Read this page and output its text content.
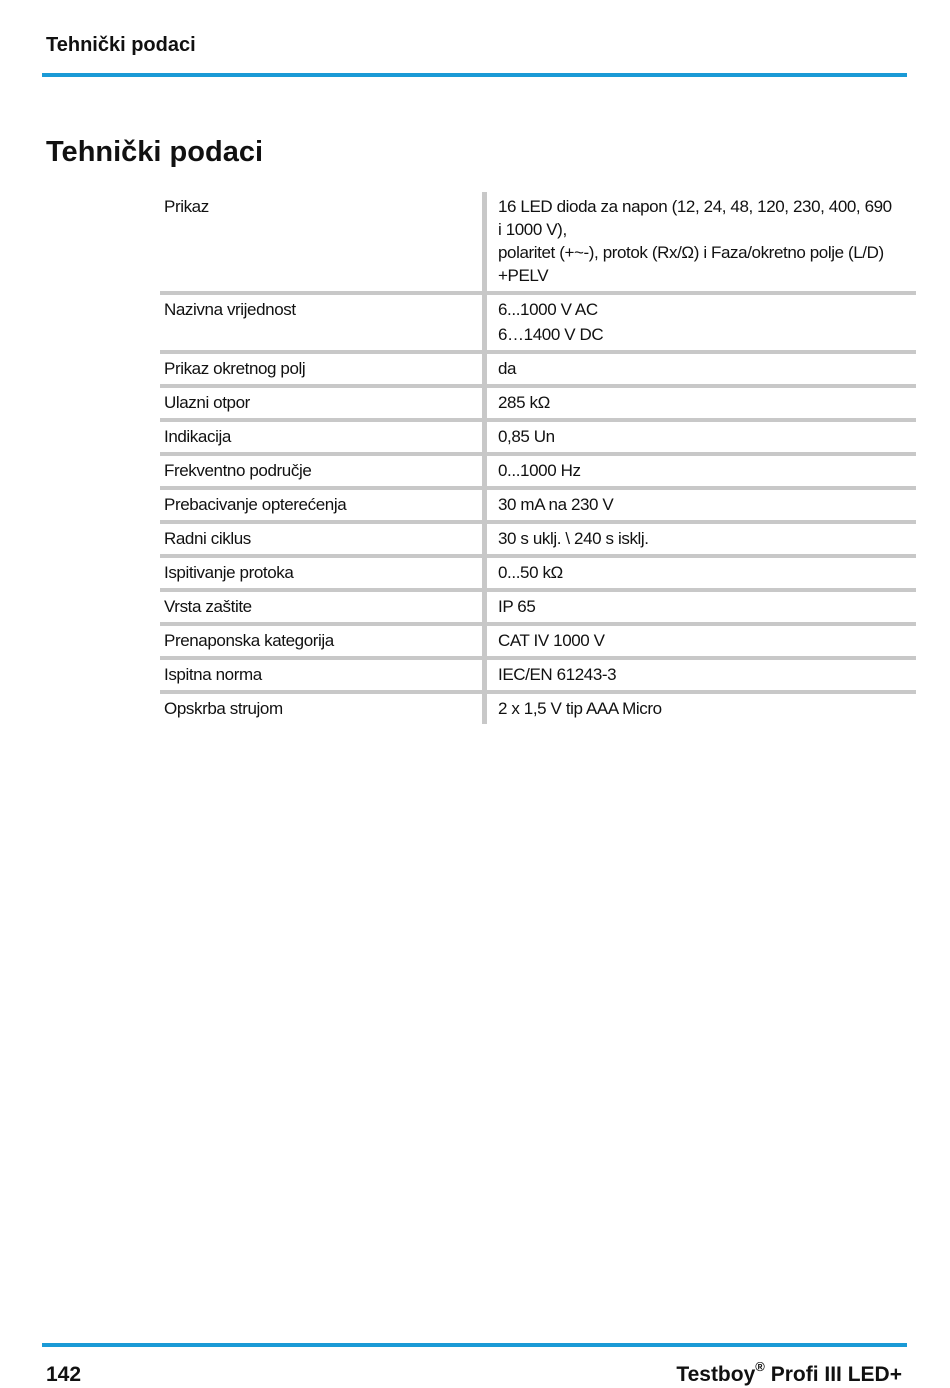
Tehnički podaci
Tehnički podaci
Prikaz	16 LED dioda za napon (12, 24, 48, 120, 230, 400, 690
i 1000 V),
polaritet (+~-), protok (Rx/Ω) i Faza/okretno polje (L/D)
+PELV
Nazivna vrijednost	6...1000 V AC
6…1400 V DC
Prikaz okretnog polj	da
Ulazni otpor	285 kΩ
Indikacija	0,85 Un
Frekventno područje	0...1000 Hz
Prebacivanje opterećenja	30 mA na 230 V
Radni ciklus	30 s uklj. \ 240 s isklj.
Ispitivanje protoka	0...50 kΩ
Vrsta zaštite	IP 65
Prenaponska kategorija	CAT IV 1000 V
Ispitna norma	IEC/EN 61243-3
Opskrba strujom	2 x 1,5 V tip AAA Micro
142	Testboy® Profi III LED+
